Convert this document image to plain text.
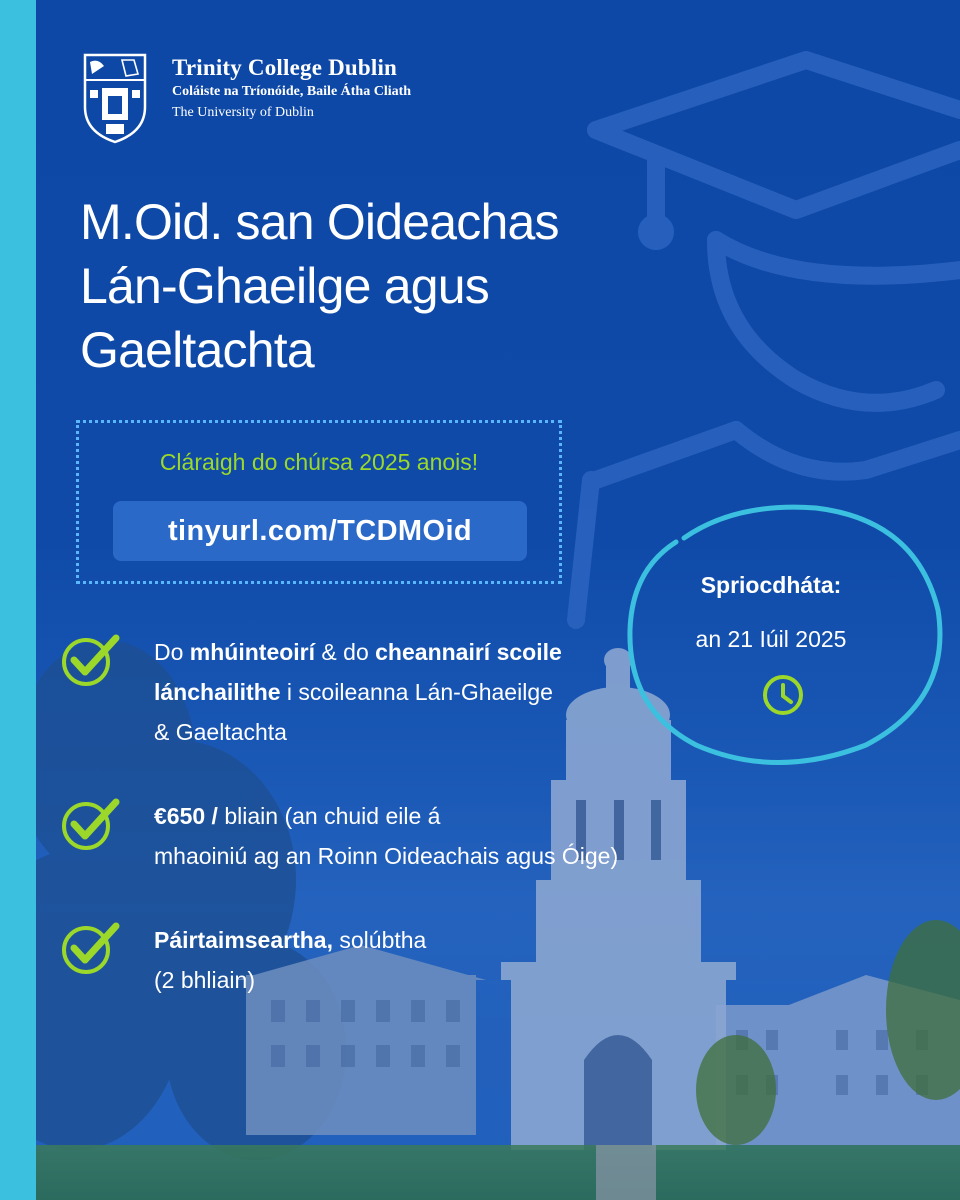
Trinity College Dublin
Coláiste na Tríonóide, Baile Átha Cliath
The University of Dublin
M.Oid. san Oideachas
Lán-Ghaeilge agus
Gaeltachta
Cláraigh do chúrsa 2025 anois!
tinyurl.com/TCDMOid
Spriocdháta:
an 21 Iúil 2025
Do mhúinteoirí & do cheannairí scoile
lánchailithe i scoileanna Lán-Ghaeilge
& Gaeltachta
€650 / bliain (an chuid eile á
mhaoiniú ag an Roinn Oideachais agus Óige)
Páirtaimseartha, solúbtha
(2 bhliain)
